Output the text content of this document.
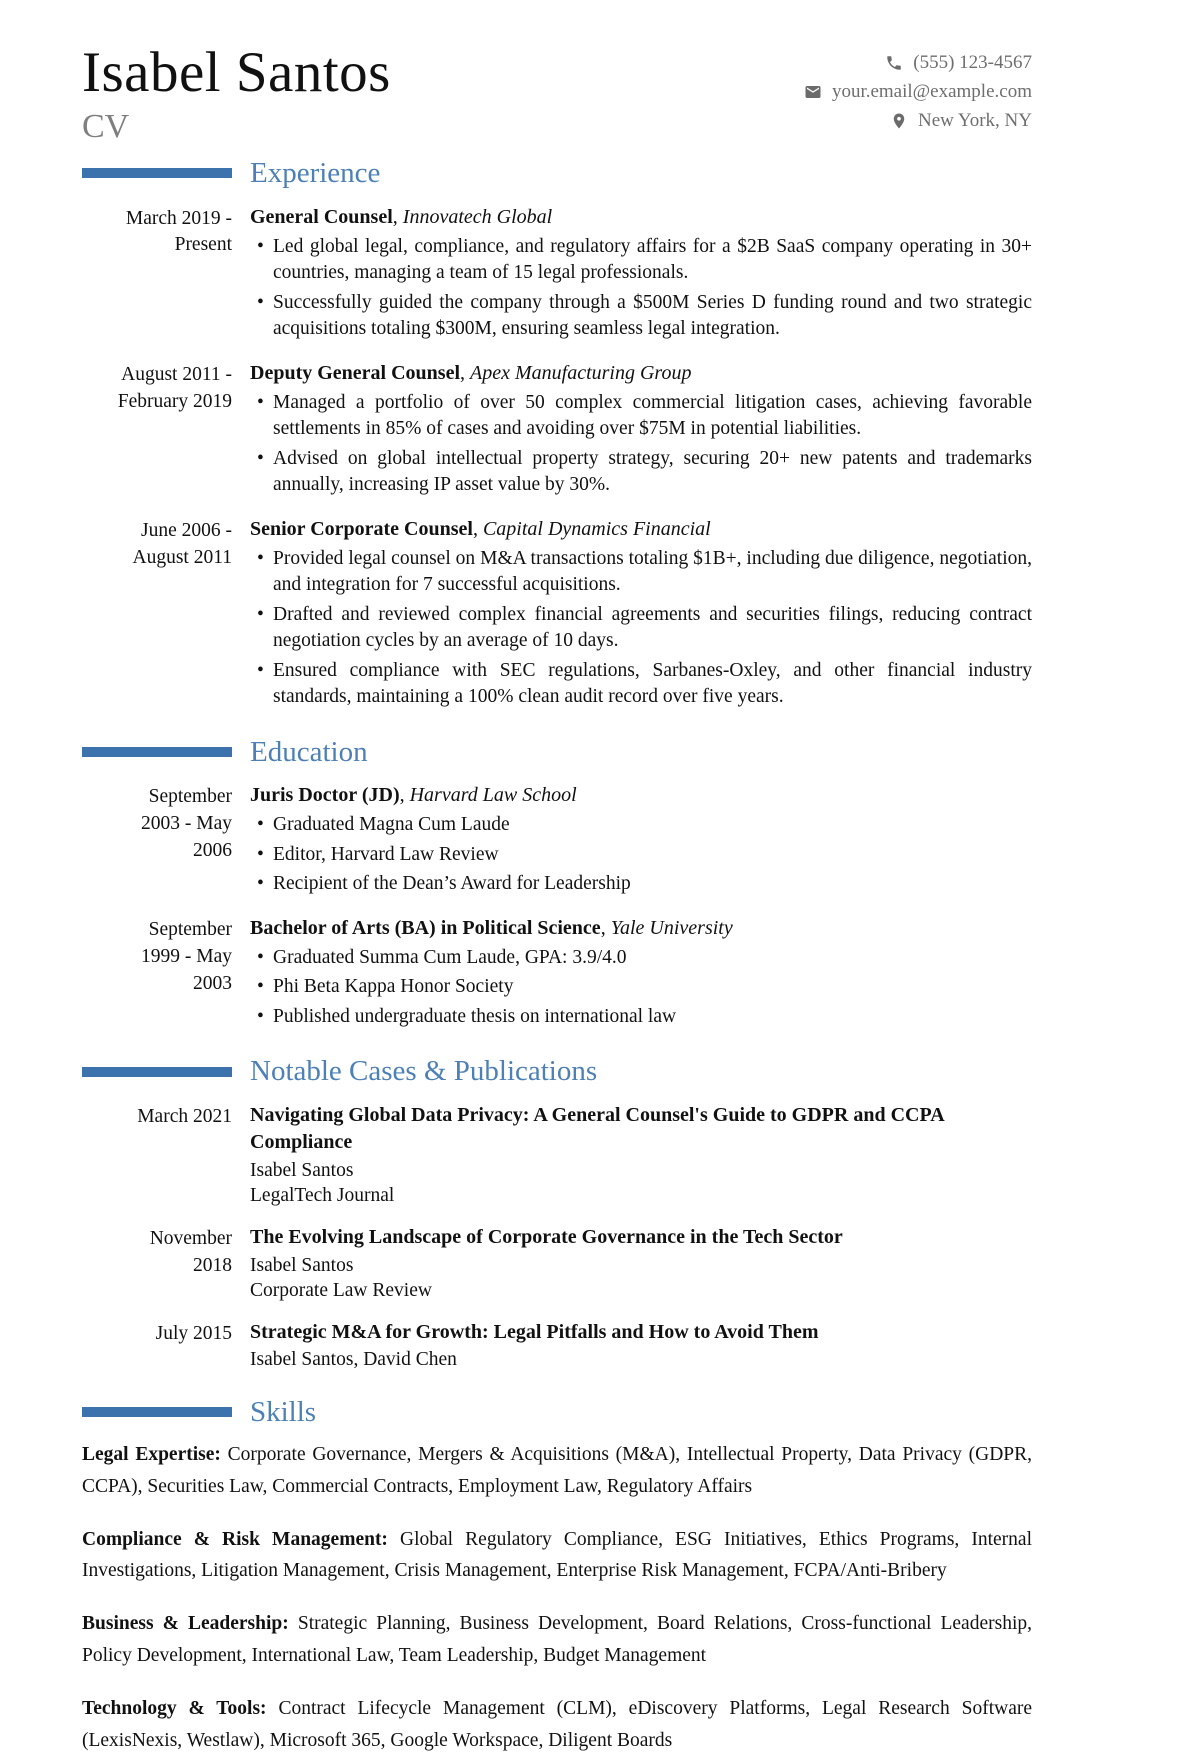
Isabel Santos
CV
(555) 123-4567
your.email@example.com
New York, NY
Experience
March 2019 - Present
General Counsel , Innovatech Global
• Led global legal, compliance, and regulatory affairs for a $2B SaaS company operating in 30+ countries, managing a team of 15 legal professionals.
• Successfully guided the company through a $500M Series D funding round and two strategic acquisitions totaling $300M, ensuring seamless legal integration.
August 2011 - February 2019
Deputy General Counsel , Apex Manufacturing Group
• Managed a portfolio of over 50 complex commercial litigation cases, achieving favorable settlements in 85% of cases and avoiding over $75M in potential liabilities.
• Advised on global intellectual property strategy, securing 20+ new patents and trademarks annually, increasing IP asset value by 30%.
June 2006 - August 2011
Senior Corporate Counsel , Capital Dynamics Financial
• Provided legal counsel on M&A transactions totaling $1B+, including due diligence, negotiation, and integration for 7 successful acquisitions.
• Drafted and reviewed complex financial agreements and securities filings, reducing contract negotiation cycles by an average of 10 days.
• Ensured compliance with SEC regulations, Sarbanes-Oxley, and other financial industry standards, maintaining a 100% clean audit record over five years.
Education
September 2003 - May 2006
Juris Doctor (JD) , Harvard Law School
• Graduated Magna Cum Laude
• Editor, Harvard Law Review
• Recipient of the Dean’s Award for Leadership
September 1999 - May 2003
Bachelor of Arts (BA) in Political Science , Yale University
• Graduated Summa Cum Laude, GPA: 3.9/4.0
• Phi Beta Kappa Honor Society
• Published undergraduate thesis on international law
Notable Cases & Publications
March 2021 Navigating Global Data Privacy: A General Counsel's Guide to GDPR and CCPA Compliance
Isabel Santos
LegalTech Journal
November 2018
The Evolving Landscape of Corporate Governance in the Tech Sector
Isabel Santos
Corporate Law Review
July 2015 Strategic M&A for Growth: Legal Pitfalls and How to Avoid Them
Isabel Santos, David Chen
Skills

Legal Expertise: Corporate Governance, Mergers & Acquisitions (M&A), Intellectual Property, Data Privacy (GDPR, CCPA), Securities Law, Commercial Contracts, Employment Law, Regulatory Affairs

Compliance & Risk Management: Global Regulatory Compliance, ESG Initiatives, Ethics Programs, Internal Investigations, Litigation Management, Crisis Management, Enterprise Risk Management, FCPA/Anti-Bribery

Business & Leadership: Strategic Planning, Business Development, Board Relations, Cross-functional Leadership, Policy Development, International Law, Team Leadership, Budget Management

Technology & Tools: Contract Lifecycle Management (CLM), eDiscovery Platforms, Legal Research Software (LexisNexis, Westlaw), Microsoft 365, Google Workspace, Diligent Boards
